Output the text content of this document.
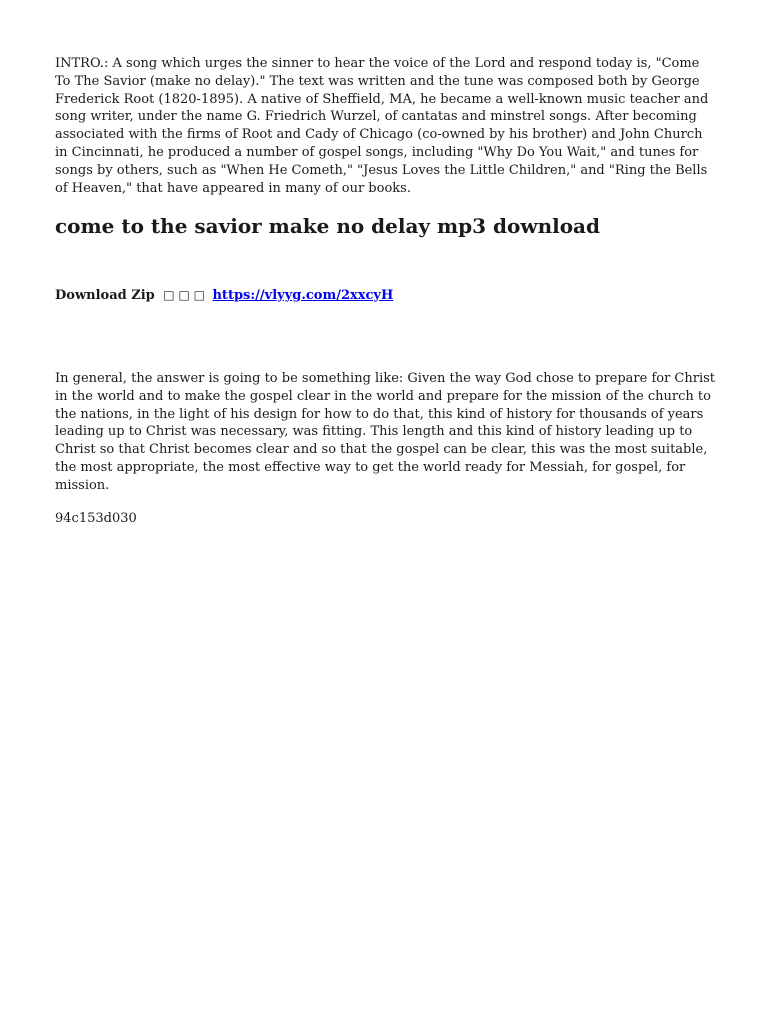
INTRO.: A song which urges the sinner to hear the voice of the Lord and respond today is, "Come To The Savior (make no delay)." The text was written and the tune was composed both by George Frederick Root (1820-1895). A native of Sheffield, MA, he became a well-known music teacher and song writer, under the name G. Friedrich Wurzel, of cantatas and minstrel songs. After becoming associated with the firms of Root and Cady of Chicago (co-owned by his brother) and John Church in Cincinnati, he produced a number of gospel songs, including "Why Do You Wait," and tunes for songs by others, such as "When He Cometh," "Jesus Loves the Little Children," and "Ring the Bells of Heaven," that have appeared in many of our books.

come to the savior make no delay mp3 download
Download Zip □ □ □ https://vlyyg.com/2xxcyH

In general, the answer is going to be something like: Given the way God chose to prepare for Christ in the world and to make the gospel clear in the world and prepare for the mission of the church to the nations, in the light of his design for how to do that, this kind of history for thousands of years leading up to Christ was necessary, was fitting. This length and this kind of history leading up to Christ so that Christ becomes clear and so that the gospel can be clear, this was the most suitable, the most appropriate, the most effective way to get the world ready for Messiah, for gospel, for mission.

94c153d030
